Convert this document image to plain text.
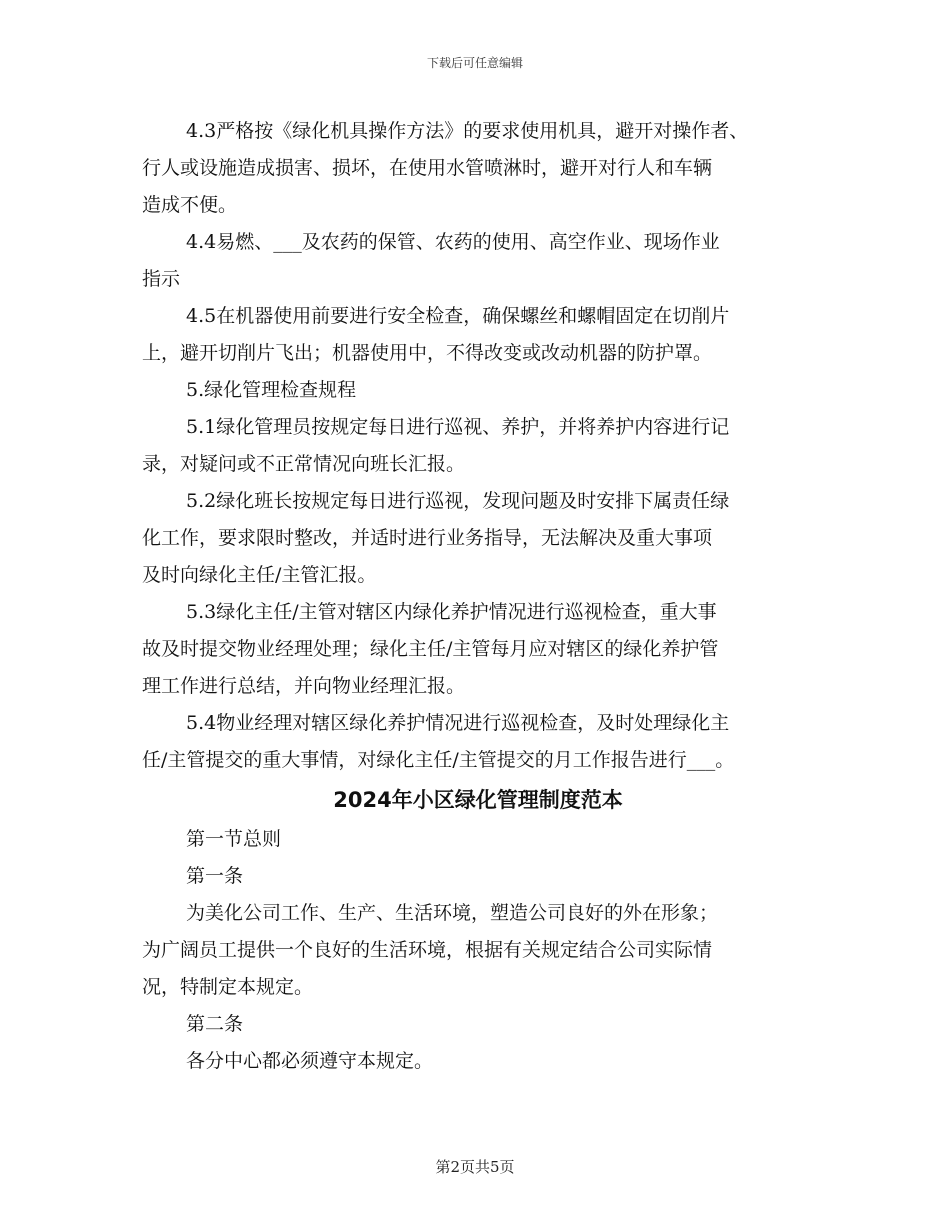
下载后可任意编辑
4.3严格按《绿化机具操作方法》的要求使用机具，避开对操作者、
行人或设施造成损害、损坏，在使用水管喷淋时，避开对行人和车辆
造成不便。
4.4易燃、___及农药的保管、农药的使用、高空作业、现场作业
指示
4.5在机器使用前要进行安全检查，确保螺丝和螺帽固定在切削片
上，避开切削片飞出；机器使用中，不得改变或改动机器的防护罩。
5.绿化管理检查规程
5.1绿化管理员按规定每日进行巡视、养护，并将养护内容进行记
录，对疑问或不正常情况向班长汇报。
5.2绿化班长按规定每日进行巡视，发现问题及时安排下属责任绿
化工作，要求限时整改，并适时进行业务指导，无法解决及重大事项
及时向绿化主任/主管汇报。
5.3绿化主任/主管对辖区内绿化养护情况进行巡视检查，重大事
故及时提交物业经理处理；绿化主任/主管每月应对辖区的绿化养护管
理工作进行总结，并向物业经理汇报。
5.4物业经理对辖区绿化养护情况进行巡视检查，及时处理绿化主
任/主管提交的重大事情，对绿化主任/主管提交的月工作报告进行___。
2024年小区绿化管理制度范本
第一节总则
第一条
为美化公司工作、生产、生活环境，塑造公司良好的外在形象；
为广阔员工提供一个良好的生活环境，根据有关规定结合公司实际情
况，特制定本规定。
第二条
各分中心都必须遵守本规定。
第2页共5页
